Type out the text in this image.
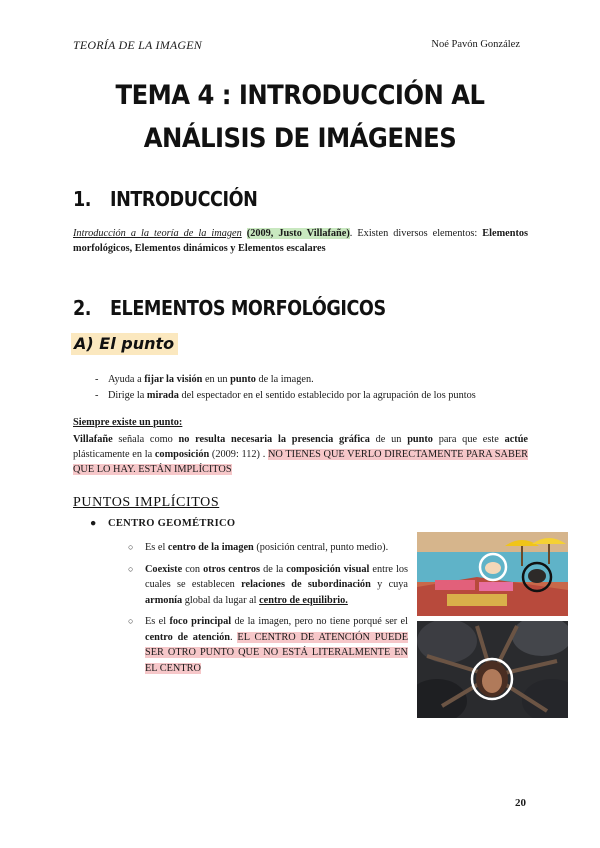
TEORÍA DE LA IMAGEN	Noé Pavón González
TEMA 4 : INTRODUCCIÓN AL
ANÁLISIS DE IMÁGENES
1. INTRODUCCIÓN
Introducción a la teoría de la imagen (2009, Justo Villafañe). Existen diversos elementos: Elementos morfológicos, Elementos dinámicos y Elementos escalares
2. ELEMENTOS MORFOLÓGICOS
A) El punto
- Ayuda a fijar la visión en un punto de la imagen.
- Dirige la mirada del espectador en el sentido establecido por la agrupación de los puntos
Siempre existe un punto:
Villafañe señala como no resulta necesaria la presencia gráfica de un punto para que este actúe plásticamente en la composición (2009: 112) . NO TIENES QUE VERLO DIRECTAMENTE PARA SABER QUE LO HAY. ESTÁN IMPLÍCITOS
PUNTOS IMPLÍCITOS
● CENTRO GEOMÉTRICO
○ Es el centro de la imagen (posición central, punto medio).
○ Coexiste con otros centros de la composición visual entre los cuales se establecen relaciones de subordinación y cuya armonía global da lugar al centro de equilibrio.
○ Es el foco principal de la imagen, pero no tiene porqué ser el centro de atención. EL CENTRO DE ATENCIÓN PUEDE SER OTRO PUNTO QUE NO ESTÁ LITERALMENTE EN EL CENTRO
20
